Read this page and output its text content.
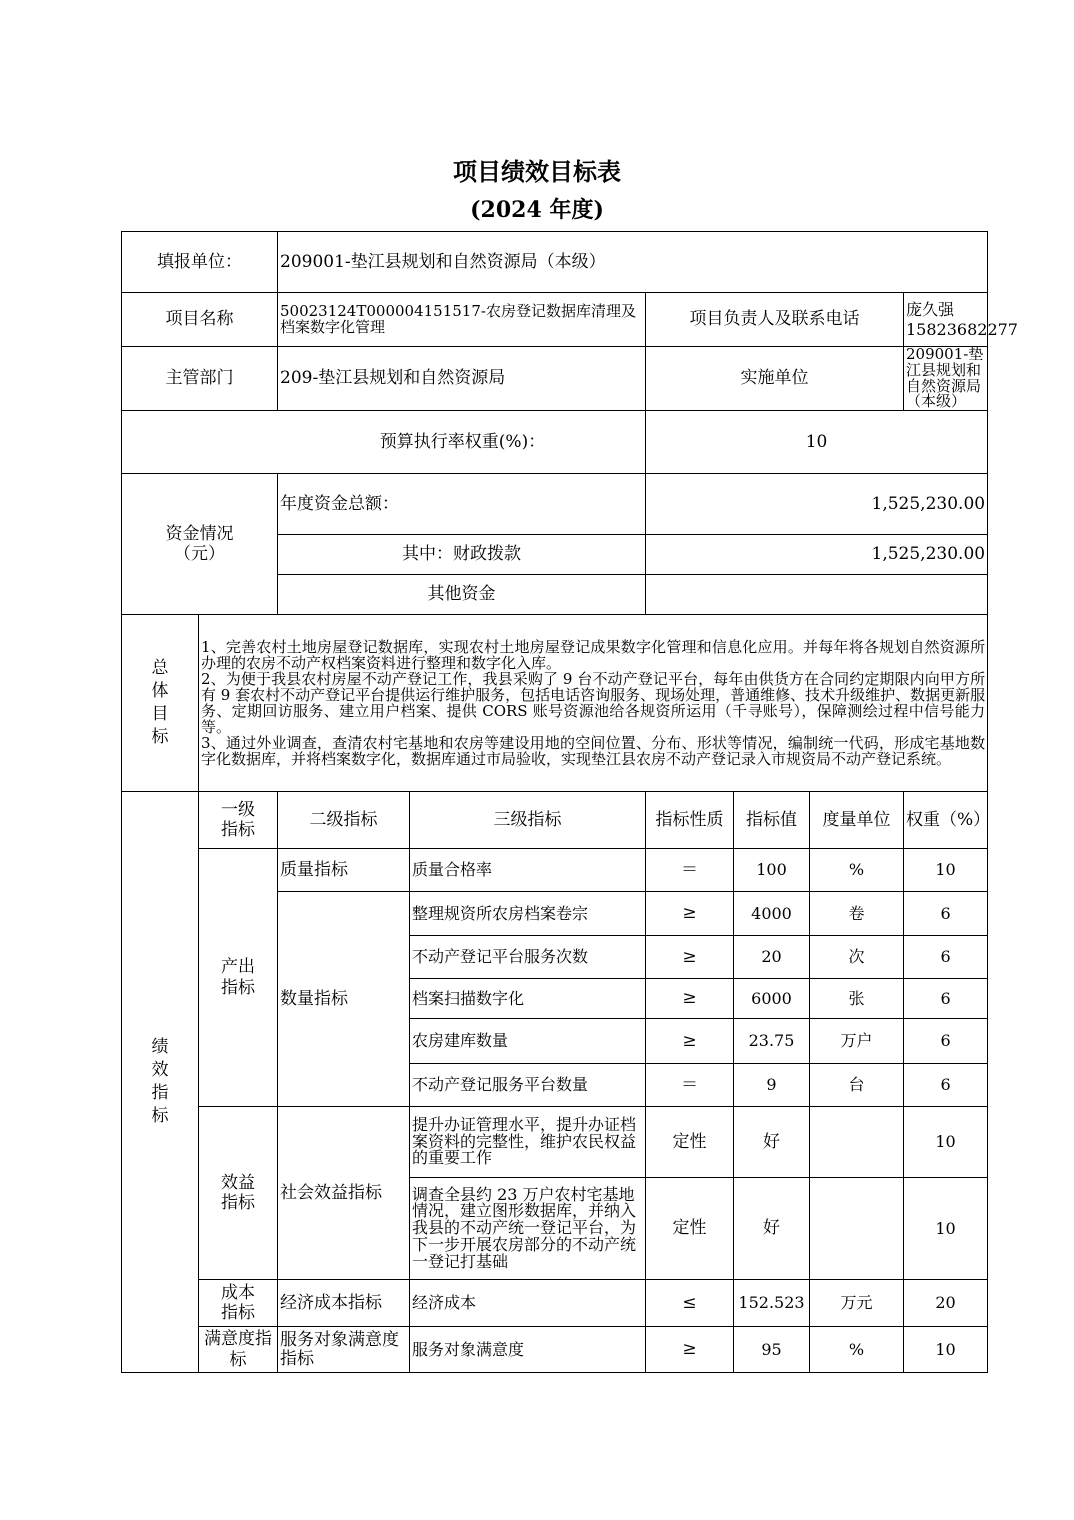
项目绩效目标表
(2024 年度)
填报单位：		209001-垫江县规划和自然资源局（本级）					
项目名称		50023124T000004151517-农房登记数据库清理及档案数字化管理		项目负责人及联系电话			庞久强 15823682277
主管部门		209-垫江县规划和自然资源局		实施单位			209001-垫江县规划和自然资源局（本级）
预算执行率权重(%)：				10			
资金情况（元）		年度资金总额：		1,525,230.00			
		其中：财政拨款		1,525,230.00			
		其他资金					
总体目标	1、完善农村土地房屋登记数据库，实现农村土地房屋登记成果数字化管理和信息化应用。并每年将各规划自然资源所办理的农房不动产权档案资料进行整理和数字化入库。

2、为便于我县农村房屋不动产登记工作，我县采购了 9 台不动产登记平台，每年由供货方在合同约定期限内向甲方所有 9 套农村不动产登记平台提供运行维护服务，包括电话咨询服务、现场处理，普通维修、技术升级维护、数据更新服务、定期回访服务、建立用户档案、提供 CORS 账号资源池给各规资所运用（千寻账号），保障测绘过程中信号能力等。

3、通过外业调查，查清农村宅基地和农房等建设用地的空间位置、分布、形状等情况，编制统一代码，形成宅基地数字化数据库，并将档案数字化，数据库通过市局验收，实现垫江县农房不动产登记录入市规资局不动产登记系统。						

绩效指标	一级指标	二级指标	三级指标	指标性质	指标值	度量单位	权重（%）
	产出指标	质量指标	质量合格率	＝	100	%	10
		数量指标	整理规资所农房档案卷宗	≥	4000	卷	6
			不动产登记平台服务次数	≥	20	次	6
			档案扫描数字化	≥	6000	张	6
			农房建库数量	≥	23.75	万户	6
			不动产登记服务平台数量	＝	9	台	6
	效益指标	社会效益指标	提升办证管理水平，提升办证档案资料的完整性，维护农民权益的重要工作	定性	好		10
			调查全县约 23 万户农村宅基地情况，建立图形数据库，并纳入我县的不动产统一登记平台，为下一步开展农房部分的不动产统一登记打基础	定性	好		10
	成本指标	经济成本指标	经济成本	≤	152.523	万元	20
	满意度指标	服务对象满意度指标	服务对象满意度	≥	95	%	10
